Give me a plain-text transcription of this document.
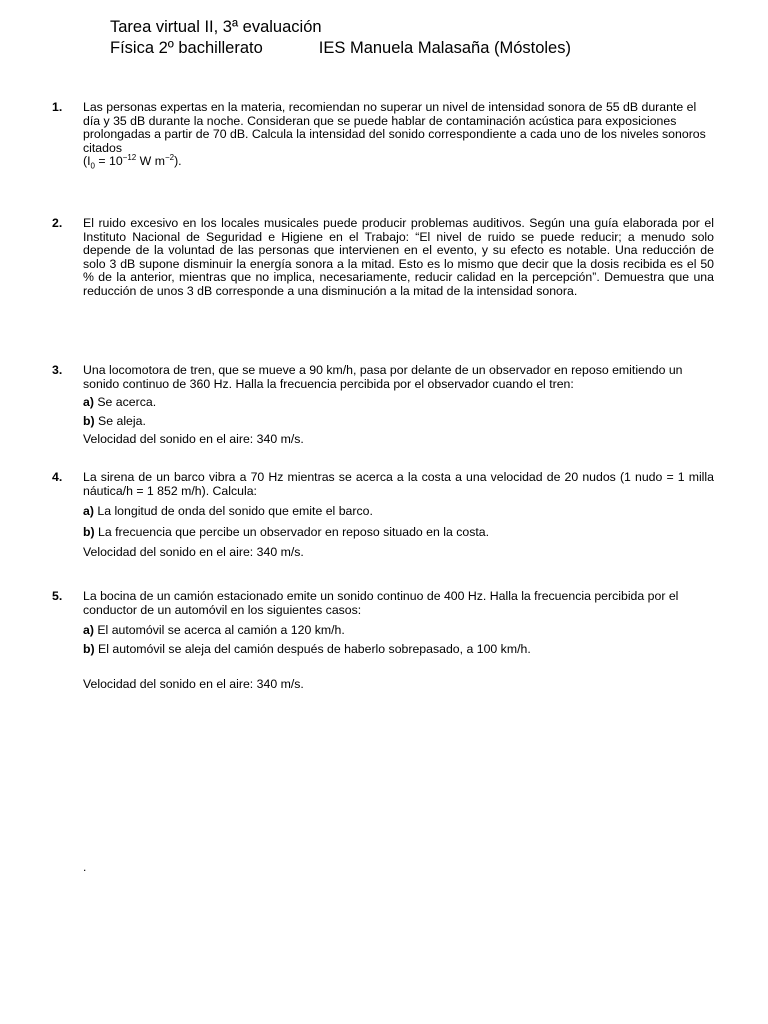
Tarea virtual II, 3ª evaluación
Física 2º bachillerato	IES Manuela Malasaña (Móstoles)
1. Las personas expertas en la materia, recomiendan no superar un nivel de intensidad sonora de 55 dB durante el día y 35 dB durante la noche. Consideran que se puede hablar de contaminación acústica para exposiciones prolongadas a partir de 70 dB. Calcula la intensidad del sonido correspondiente a cada uno de los niveles sonoros citados
($I_0 = 10^{-12}$ W $m^{-2}$).
2. El ruido excesivo en los locales musicales puede producir problemas auditivos. Según una guía elaborada por el Instituto Nacional de Seguridad e Higiene en el Trabajo: “El nivel de ruido se puede reducir; a menudo solo depende de la voluntad de las personas que intervienen en el evento, y su efecto es notable. Una reducción de solo 3 dB supone disminuir la energía sonora a la mitad. Esto es lo mismo que decir que la dosis recibida es el 50 % de la anterior, mientras que no implica, necesariamente, reducir calidad en la percepción”. Demuestra que una reducción de unos 3 dB corresponde a una disminución a la mitad de la intensidad sonora.
3. Una locomotora de tren, que se mueve a 90 km/h, pasa por delante de un observador en reposo emitiendo un sonido continuo de 360 Hz. Halla la frecuencia percibida por el observador cuando el tren:
a) Se acerca.
b) Se aleja.
Velocidad del sonido en el aire: 340 m/s.
4. La sirena de un barco vibra a 70 Hz mientras se acerca a la costa a una velocidad de 20 nudos (1 nudo = 1 milla náutica/h = 1 852 m/h). Calcula:
a) La longitud de onda del sonido que emite el barco.
b) La frecuencia que percibe un observador en reposo situado en la costa.
Velocidad del sonido en el aire: 340 m/s.
5. La bocina de un camión estacionado emite un sonido continuo de 400 Hz. Halla la frecuencia percibida por el conductor de un automóvil en los siguientes casos:
a) El automóvil se acerca al camión a 120 km/h.
b) El automóvil se aleja del camión después de haberlo sobrepasado, a 100 km/h.
Velocidad del sonido en el aire: 340 m/s.
.
